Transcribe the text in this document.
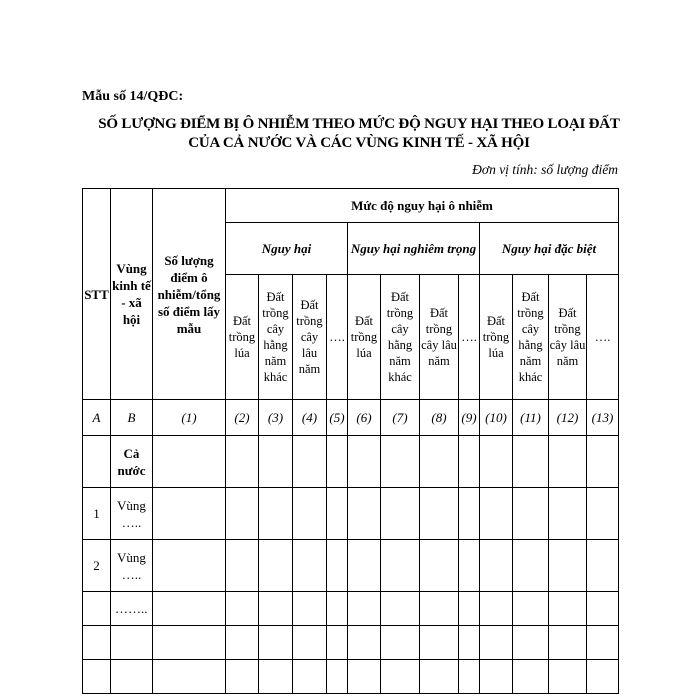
Mẫu số 14/QĐC:
SỐ LƯỢNG ĐIỂM BỊ Ô NHIỄM THEO MỨC ĐỘ NGUY HẠI THEO LOẠI ĐẤT
CỦA CẢ NƯỚC VÀ CÁC VÙNG KINH TẾ - XÃ HỘI
Đơn vị tính: số lượng điểm
STT	Vùng kinh tế - xã hội	Số lượng điểm ô nhiễm/tổng số điểm lấy mẫu	Mức độ nguy hại ô nhiễm											
			Nguy hại				Nguy hại nghiêm trọng				Nguy hại đặc biệt			
			Đất trồng lúa	Đất trồng cây hằng năm khác	Đất trồng cây lâu năm	….	Đất trồng lúa	Đất trồng cây hằng năm khác	Đất trồng cây lâu năm	….	Đất trồng lúa	Đất trồng cây hằng năm khác	Đất trồng cây lâu năm	….
A	B	(1)	(2)	(3)	(4)	(5)	(6)	(7)	(8)	(9)	(10)	(11)	(12)	(13)
	Cả nước													
1	Vùng …..													
2	Vùng …..													
	……..													
